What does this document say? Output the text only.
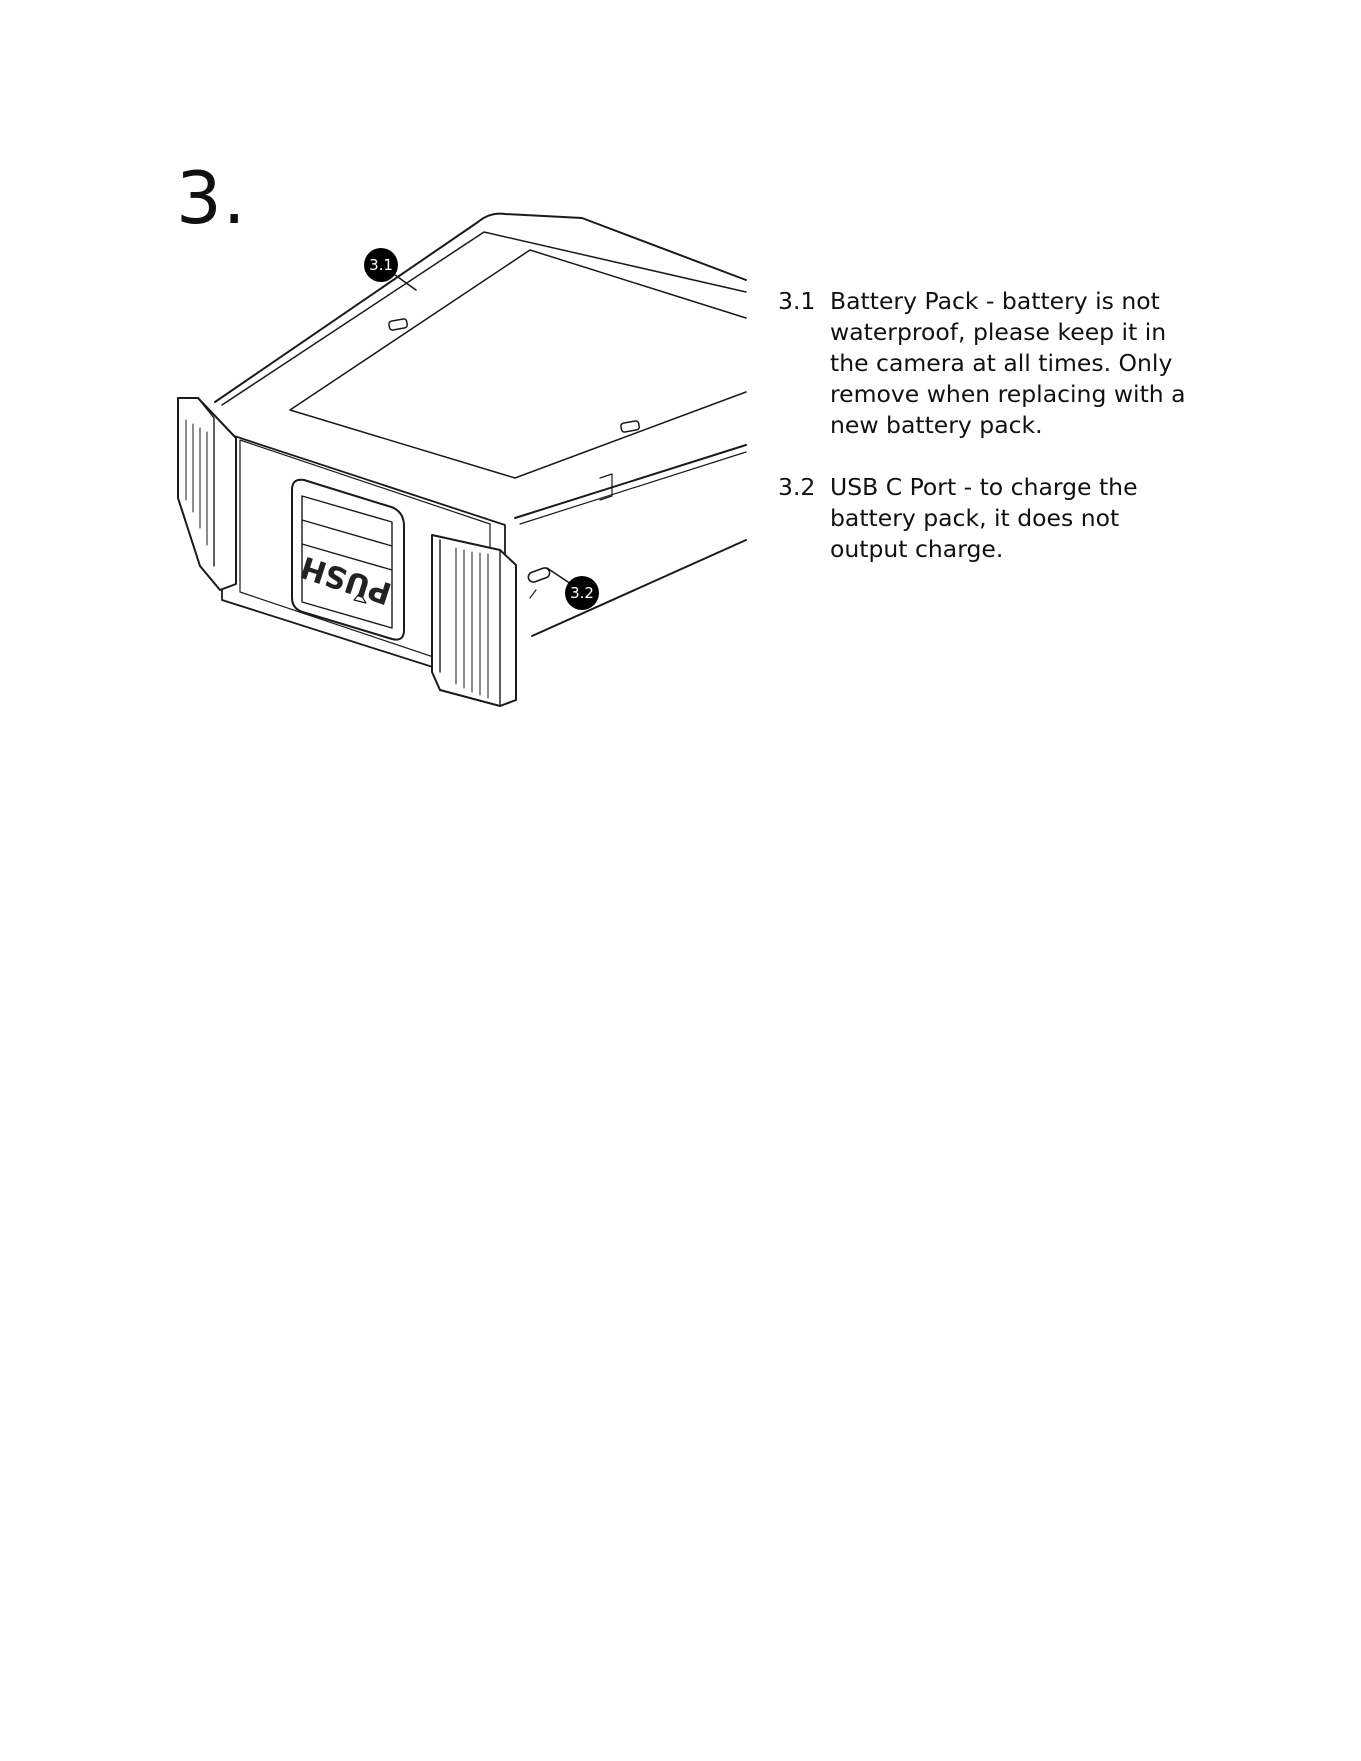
3.
PUSH
3.1
3.2
3.1 Battery Pack - battery is not waterproof, please keep it in the camera at all times. Only remove when replacing with a new battery pack.
3.2 USB C Port - to charge the battery pack, it does not output charge.
